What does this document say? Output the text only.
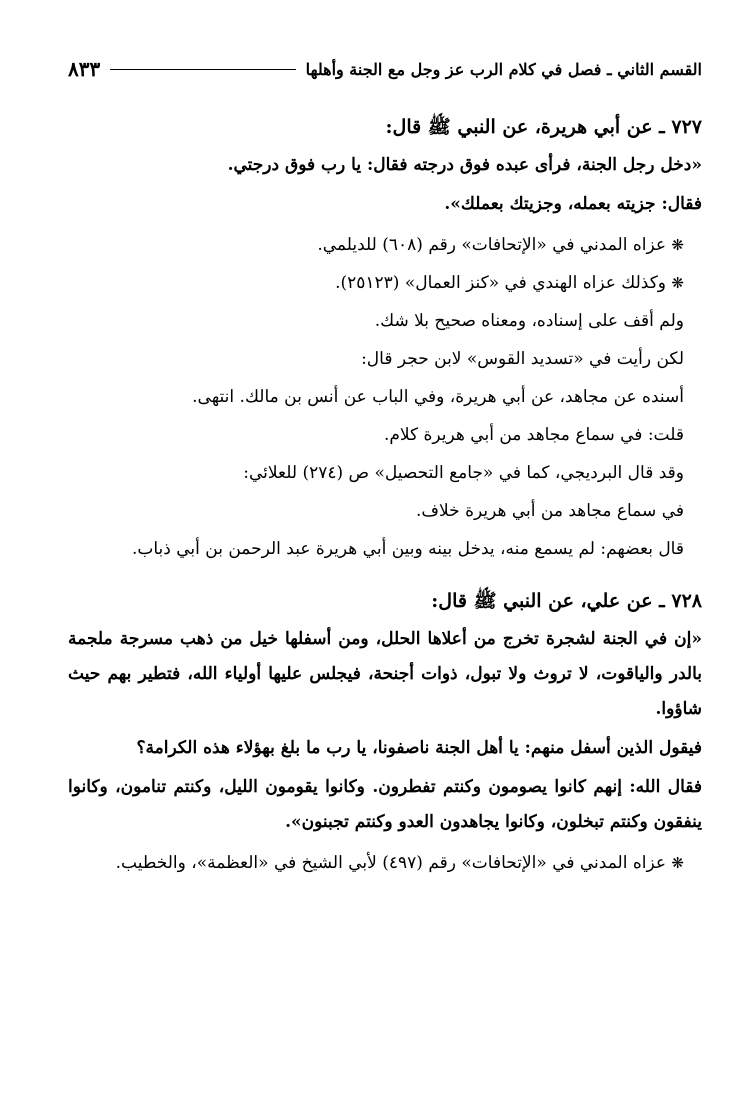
القسم الثاني ـ فصل في كلام الرب عز وجل مع الجنة وأهلها
٨٣٣

٧٢٧ ـ عن أبي هريرة، عن النبي ﷺ قال:

«دخل رجل الجنة، فرأى عبده فوق درجته فقال: يا رب فوق درجتي.

فقال: جزيته بعمله، وجزيتك بعملك».

❋ عزاه المدني في «الإتحافات» رقم (٦٠٨) للديلمي.

❋ وكذلك عزاه الهندي في «كنز العمال» (٢٥١٢٣).

ولم أقف على إسناده، ومعناه صحيح بلا شك.

لكن رأيت في «تسديد القوس» لابن حجر قال:

أسنده عن مجاهد، عن أبي هريرة، وفي الباب عن أنس بن مالك. انتهى.

قلت: في سماع مجاهد من أبي هريرة كلام.

وقد قال البرديجي، كما في «جامع التحصيل» ص (٢٧٤) للعلائي:

في سماع مجاهد من أبي هريرة خلاف.

قال بعضهم: لم يسمع منه، يدخل بينه وبين أبي هريرة عبد الرحمن بن أبي ذباب.

٧٢٨ ـ عن علي، عن النبي ﷺ قال:

«إن في الجنة لشجرة تخرج من أعلاها الحلل، ومن أسفلها خيل من ذهب مسرجة ملجمة بالدر والياقوت، لا تروث ولا تبول، ذوات أجنحة، فيجلس عليها أولياء الله، فتطير بهم حيث شاؤوا.

فيقول الذين أسفل منهم: يا أهل الجنة ناصفونا، يا رب ما بلغ بهؤلاء هذه الكرامة؟

فقال الله: إنهم كانوا يصومون وكنتم تفطرون. وكانوا يقومون الليل، وكنتم تنامون، وكانوا ينفقون وكنتم تبخلون، وكانوا يجاهدون العدو وكنتم تجبنون».

❋ عزاه المدني في «الإتحافات» رقم (٤٩٧) لأبي الشيخ في «العظمة»، والخطيب.
